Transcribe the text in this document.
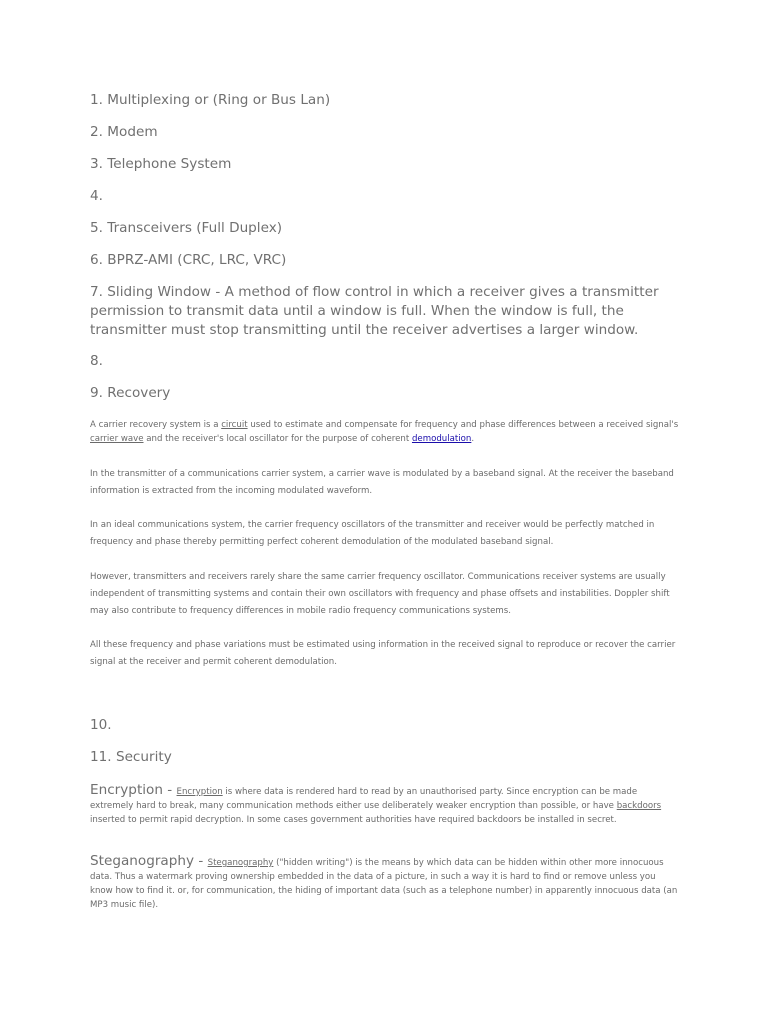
1. Multiplexing or (Ring or Bus Lan)

2. Modem

3. Telephone System

4.

5. Transceivers (Full Duplex)

6. BPRZ-AMI (CRC, LRC, VRC)

7. Sliding Window - A method of flow control in which a receiver gives a transmitter permission to transmit data until a window is full. When the window is full, the transmitter must stop transmitting until the receiver advertises a larger window.

8.

9. Recovery

A carrier recovery system is a circuit used to estimate and compensate for frequency and phase differences between a received signal's carrier wave and the receiver's local oscillator for the purpose of coherent demodulation.

In the transmitter of a communications carrier system, a carrier wave is modulated by a baseband signal. At the receiver the baseband information is extracted from the incoming modulated waveform.

In an ideal communications system, the carrier frequency oscillators of the transmitter and receiver would be perfectly matched in frequency and phase thereby permitting perfect coherent demodulation of the modulated baseband signal.

However, transmitters and receivers rarely share the same carrier frequency oscillator. Communications receiver systems are usually independent of transmitting systems and contain their own oscillators with frequency and phase offsets and instabilities. Doppler shift may also contribute to frequency differences in mobile radio frequency communications systems.

All these frequency and phase variations must be estimated using information in the received signal to reproduce or recover the carrier signal at the receiver and permit coherent demodulation.

10.

11. Security

Encryption - Encryption is where data is rendered hard to read by an unauthorised party. Since encryption can be made extremely hard to break, many communication methods either use deliberately weaker encryption than possible, or have backdoors inserted to permit rapid decryption. In some cases government authorities have required backdoors be installed in secret.

Steganography - Steganography ("hidden writing") is the means by which data can be hidden within other more innocuous data. Thus a watermark proving ownership embedded in the data of a picture, in such a way it is hard to find or remove unless you know how to find it. or, for communication, the hiding of important data (such as a telephone number) in apparently innocuous data (an MP3 music file).
